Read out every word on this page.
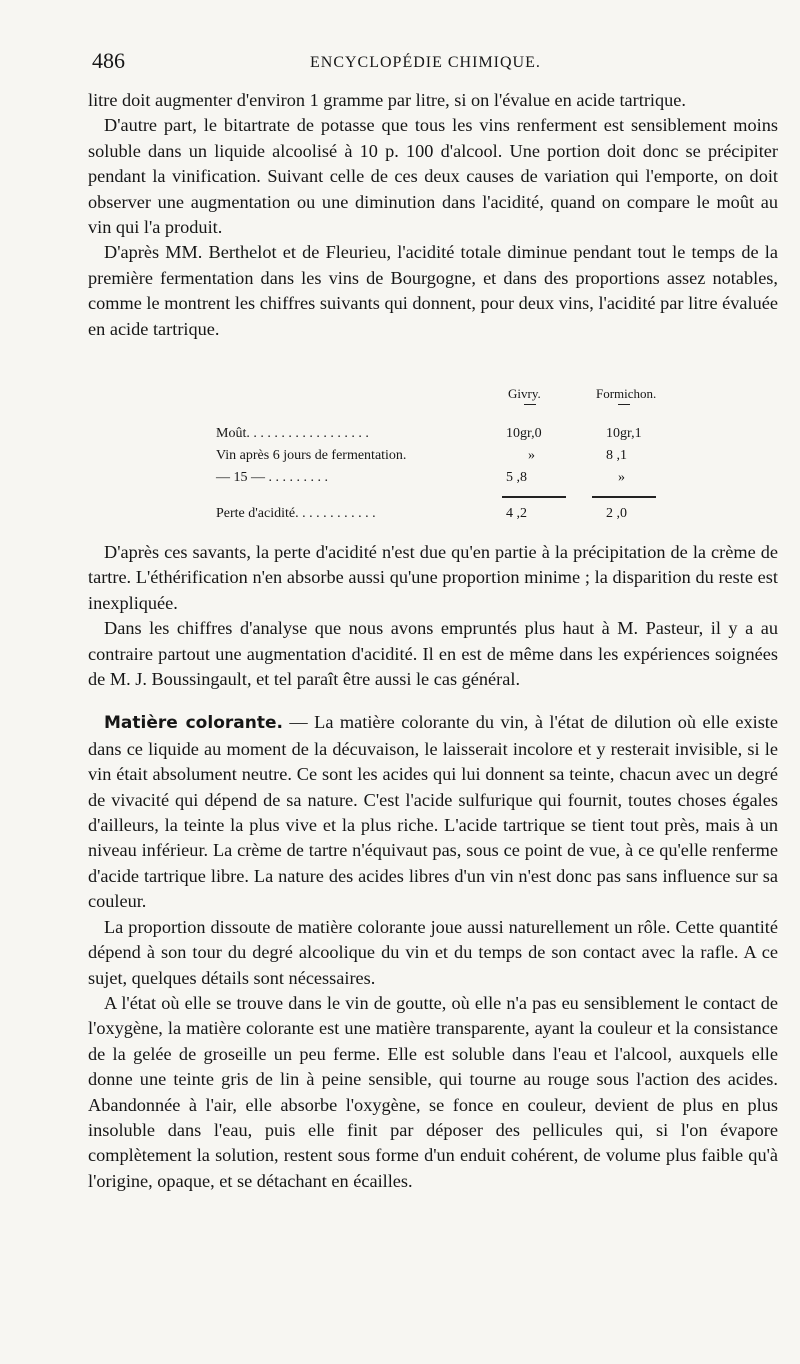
486	ENCYCLOPÉDIE CHIMIQUE.

litre doit augmenter d'environ 1 gramme par litre, si on l'évalue en acide tartrique.

D'autre part, le bitartrate de potasse que tous les vins renferment est sensiblement moins soluble dans un liquide alcoolisé à 10 p. 100 d'alcool. Une portion doit donc se précipiter pendant la vinification. Suivant celle de ces deux causes de variation qui l'emporte, on doit observer une augmentation ou une diminution dans l'acidité, quand on compare le moût au vin qui l'a produit.

D'après MM. Berthelot et de Fleurieu, l'acidité totale diminue pendant tout le temps de la première fermentation dans les vins de Bourgogne, et dans des proportions assez notables, comme le montrent les chiffres suivants qui donnent, pour deux vins, l'acidité par litre évaluée en acide tartrique.

Givry.	Formichon.
Moût. . . . . . . . . . . . . . . . . .	10gr,0	10gr,1
Vin après 6 jours de fermentation.	»	8 ,1
— 15 — . . . . . . . . .	5 ,8	»
Perte d'acidité. . . . . . . . . . . .	4 ,2	2 ,0

D'après ces savants, la perte d'acidité n'est due qu'en partie à la précipitation de la crème de tartre. L'éthérification n'en absorbe aussi qu'une proportion minime ; la disparition du reste est inexpliquée.

Dans les chiffres d'analyse que nous avons empruntés plus haut à M. Pasteur, il y a au contraire partout une augmentation d'acidité. Il en est de même dans les expériences soignées de M. J. Boussingault, et tel paraît être aussi le cas général.

Matière colorante. — La matière colorante du vin, à l'état de dilution où elle existe dans ce liquide au moment de la décuvaison, le laisserait incolore et y resterait invisible, si le vin était absolument neutre. Ce sont les acides qui lui donnent sa teinte, chacun avec un degré de vivacité qui dépend de sa nature. C'est l'acide sulfurique qui fournit, toutes choses égales d'ailleurs, la teinte la plus vive et la plus riche. L'acide tartrique se tient tout près, mais à un niveau inférieur. La crème de tartre n'équivaut pas, sous ce point de vue, à ce qu'elle renferme d'acide tartrique libre. La nature des acides libres d'un vin n'est donc pas sans influence sur sa couleur.

La proportion dissoute de matière colorante joue aussi naturellement un rôle. Cette quantité dépend à son tour du degré alcoolique du vin et du temps de son contact avec la rafle. A ce sujet, quelques détails sont nécessaires.

A l'état où elle se trouve dans le vin de goutte, où elle n'a pas eu sensiblement le contact de l'oxygène, la matière colorante est une matière transparente, ayant la couleur et la consistance de la gelée de groseille un peu ferme. Elle est soluble dans l'eau et l'alcool, auxquels elle donne une teinte gris de lin à peine sensible, qui tourne au rouge sous l'action des acides. Abandonnée à l'air, elle absorbe l'oxygène, se fonce en couleur, devient de plus en plus insoluble dans l'eau, puis elle finit par déposer des pellicules qui, si l'on évapore complètement la solution, restent sous forme d'un enduit cohérent, de volume plus faible qu'à l'origine, opaque, et se détachant en écailles.
